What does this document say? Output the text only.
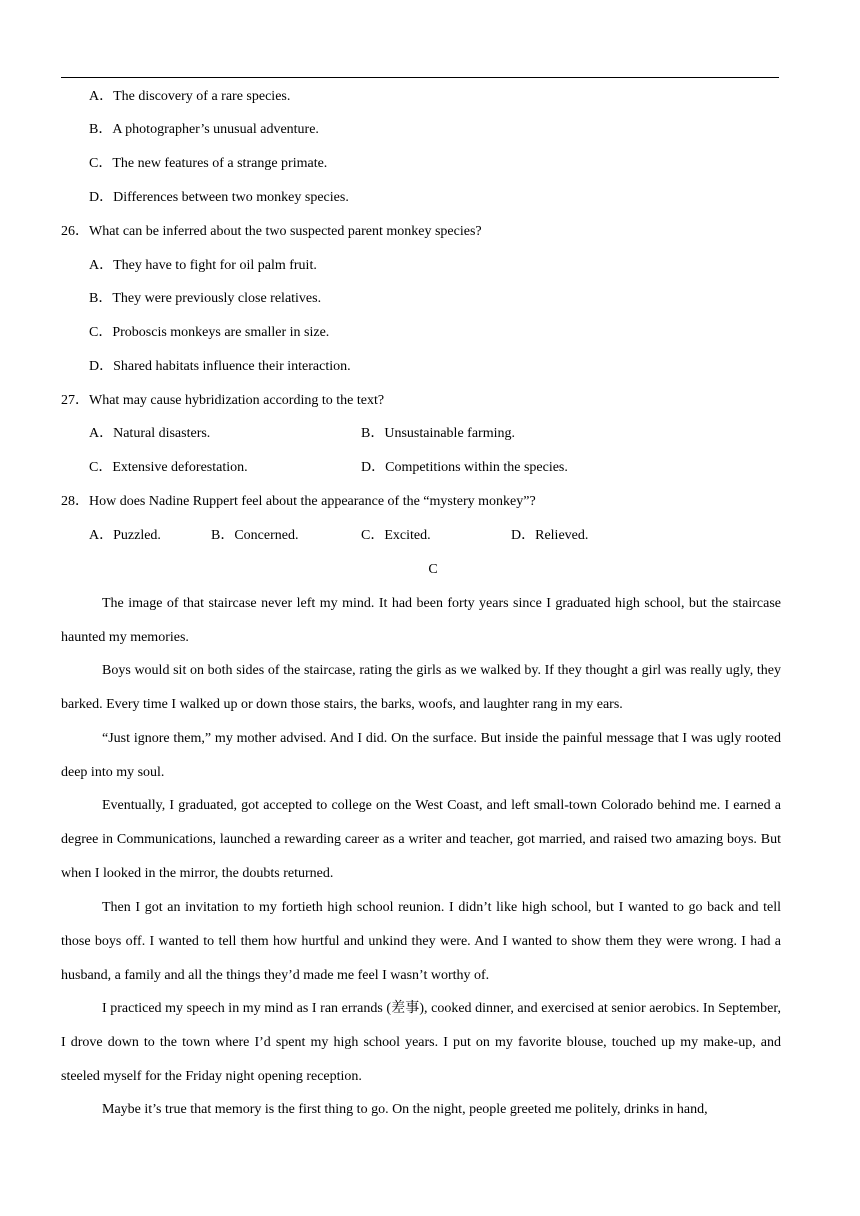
A．The discovery of a rare species.
B．A photographer’s unusual adventure.
C．The new features of a strange primate.
D．Differences between two monkey species.
26．What can be inferred about the two suspected parent monkey species?
A．They have to fight for oil palm fruit.
B．They were previously close relatives.
C．Proboscis monkeys are smaller in size.
D．Shared habitats influence their interaction.
27．What may cause hybridization according to the text?
A．Natural disasters.	B．Unsustainable farming.
C．Extensive deforestation.	D．Competitions within the species.
28．How does Nadine Ruppert feel about the appearance of the “mystery monkey”?
A．Puzzled.	B．Concerned.	C．Excited.	D．Relieved.
C

The image of that staircase never left my mind. It had been forty years since I graduated high school, but the staircase haunted my memories.

Boys would sit on both sides of the staircase, rating the girls as we walked by. If they thought a girl was really ugly, they barked. Every time I walked up or down those stairs, the barks, woofs, and laughter rang in my ears.

“Just ignore them,” my mother advised. And I did. On the surface. But inside the painful message that I was ugly rooted deep into my soul.

Eventually, I graduated, got accepted to college on the West Coast, and left small-town Colorado behind me. I earned a degree in Communications, launched a rewarding career as a writer and teacher, got married, and raised two amazing boys. But when I looked in the mirror, the doubts returned.

Then I got an invitation to my fortieth high school reunion. I didn’t like high school, but I wanted to go back and tell those boys off. I wanted to tell them how hurtful and unkind they were. And I wanted to show them they were wrong. I had a husband, a family and all the things they’d made me feel I wasn’t worthy of.

I practiced my speech in my mind as I ran errands (差事), cooked dinner, and exercised at senior aerobics. In September, I drove down to the town where I’d spent my high school years. I put on my favorite blouse, touched up my make-up, and steeled myself for the Friday night opening reception.

Maybe it’s true that memory is the first thing to go. On the night, people greeted me politely, drinks in hand,
